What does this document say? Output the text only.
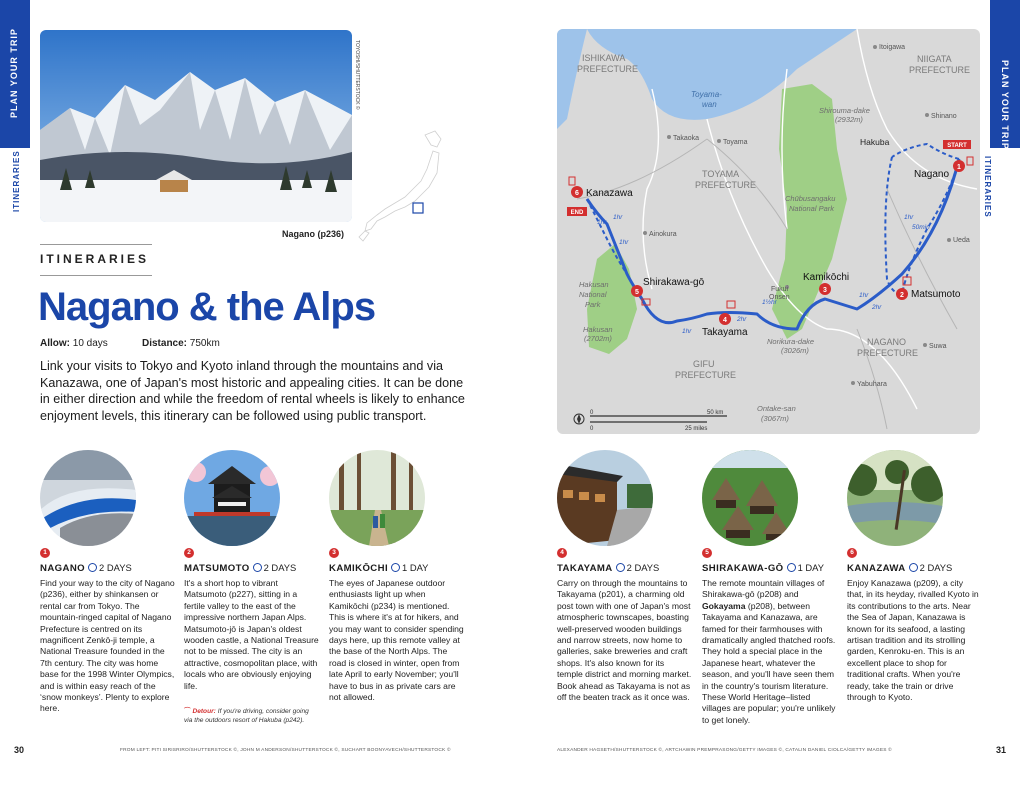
PLAN YOUR TRIP	PLAN YOUR TRIP
ITINERARIES	ITINERARIES
TOYOSHI/SHUTTERSTOCK ©
Nagano (p236)
ITINERARIES
Nagano & the Alps
Allow: 10 days	Distance: 750km

Link your visits to Tokyo and Kyoto inland through the mountains and via Kanazawa, one of Japan's most historic and appealing cities. It can be done in either direction and while the freedom of rental wheels is likely to enhance enjoyment levels, this itinerary can be followed using public transport.

1
NAGANO 2 DAYS

Find your way to the city of Nagano (p236), either by shinkansen or rental car from Tokyo. The mountain-ringed capital of Nagano Prefecture is centred on its magnificent Zenkō-ji temple, a National Treasure founded in the 7th century. The city was home base for the 1998 Winter Olympics, and is within easy reach of the ‘snow monkeys’. Plenty to explore here.

2
MATSUMOTO 2 DAYS

It's a short hop to vibrant Matsumoto (p227), sitting in a fertile valley to the east of the impressive northern Japan Alps. Matsumoto-jō is Japan's oldest wooden castle, a National Treasure not to be missed. The city is an attractive, cosmopolitan place, with locals who are obviously enjoying life.

⌒ Detour: If you're driving, consider going via the outdoors resort of Hakuba (p242).
3
KAMIKŌCHI 1 DAY

The eyes of Japanese outdoor enthusiasts light up when Kamikōchi (p234) is mentioned. This is where it's at for hikers, and you may want to consider spending days here, up this remote valley at the base of the North Alps. The road is closed in winter, open from late April to early November; you'll have to bus in as private cars are not allowed.

4
TAKAYAMA 2 DAYS

Carry on through the mountains to Takayama (p201), a charming old post town with one of Japan's most atmospheric townscapes, boasting well-preserved wooden buildings and narrow streets, now home to galleries, sake breweries and craft shops. It's also known for its temple district and morning market. Book ahead as Takayama is not as off the beaten track as it once was.

5
SHIRAKAWA-GŌ 1 DAY

The remote mountain villages of Shirakawa-gō (p208) and Gokayama (p208), between Takayama and Kanazawa, are famed for their farmhouses with dramatically angled thatched roofs. They hold a special place in the Japanese heart, whatever the season, and you'll have seen them in the country's tourism literature. These World Heritage–listed villages are popular; you're unlikely to get lonely.

6
KANAZAWA 2 DAYS

Enjoy Kanazawa (p209), a city that, in its heyday, rivalled Kyoto in its contributions to the arts. Near the Sea of Japan, Kanazawa is known for its seafood, a lasting artisan tradition and its strolling garden, Kenroku-en. This is an excellent place to shop for traditional crafts. When you're ready, take the train or drive through to Kyoto.

30	31
FROM LEFT: PITI SIRISRIRO/SHUTTERSTOCK ©, JOHN M ANDERSON/SHUTTERSTOCK ©, SUCHART BOONYAVECH/SHUTTERSTOCK ©	ALEXANDER HAGSETH/SHUTTERSTOCK ©, ARTCHAWIN PREMPRASONG/GETTY IMAGES ©, CATALIN DANIEL CIOLCA/GETTY IMAGES ©
ISHIKAWA
PREFECTURE
NIIGATA
PREFECTURE
TOYAMA
PREFECTURE
GIFU
PREFECTURE
NAGANO
PREFECTURE
Toyama-
wan
Itoigawa
Shinano
Takaoka
Toyama
Ainokura
Fukui
Onsen
Ueda
Suwa
Yabuhara
Hakuba
Shirouma-dake
(2932m)
Chūbusangaku
National Park
Hakusan
National
Park
Hakusan
(2702m)	Norikura-dake
(3026m)
Ontake-san
(3067m)
1hr
50min
1½hr
2hr
2hr
1hr
1hr
1hr
1hr
1hr
1
2
3
4
5
6
START
END
Nagano
Matsumoto
Kamikōchi
Takayama
Shirakawa-gō
Kanazawa
0
0
50 km
25 miles
